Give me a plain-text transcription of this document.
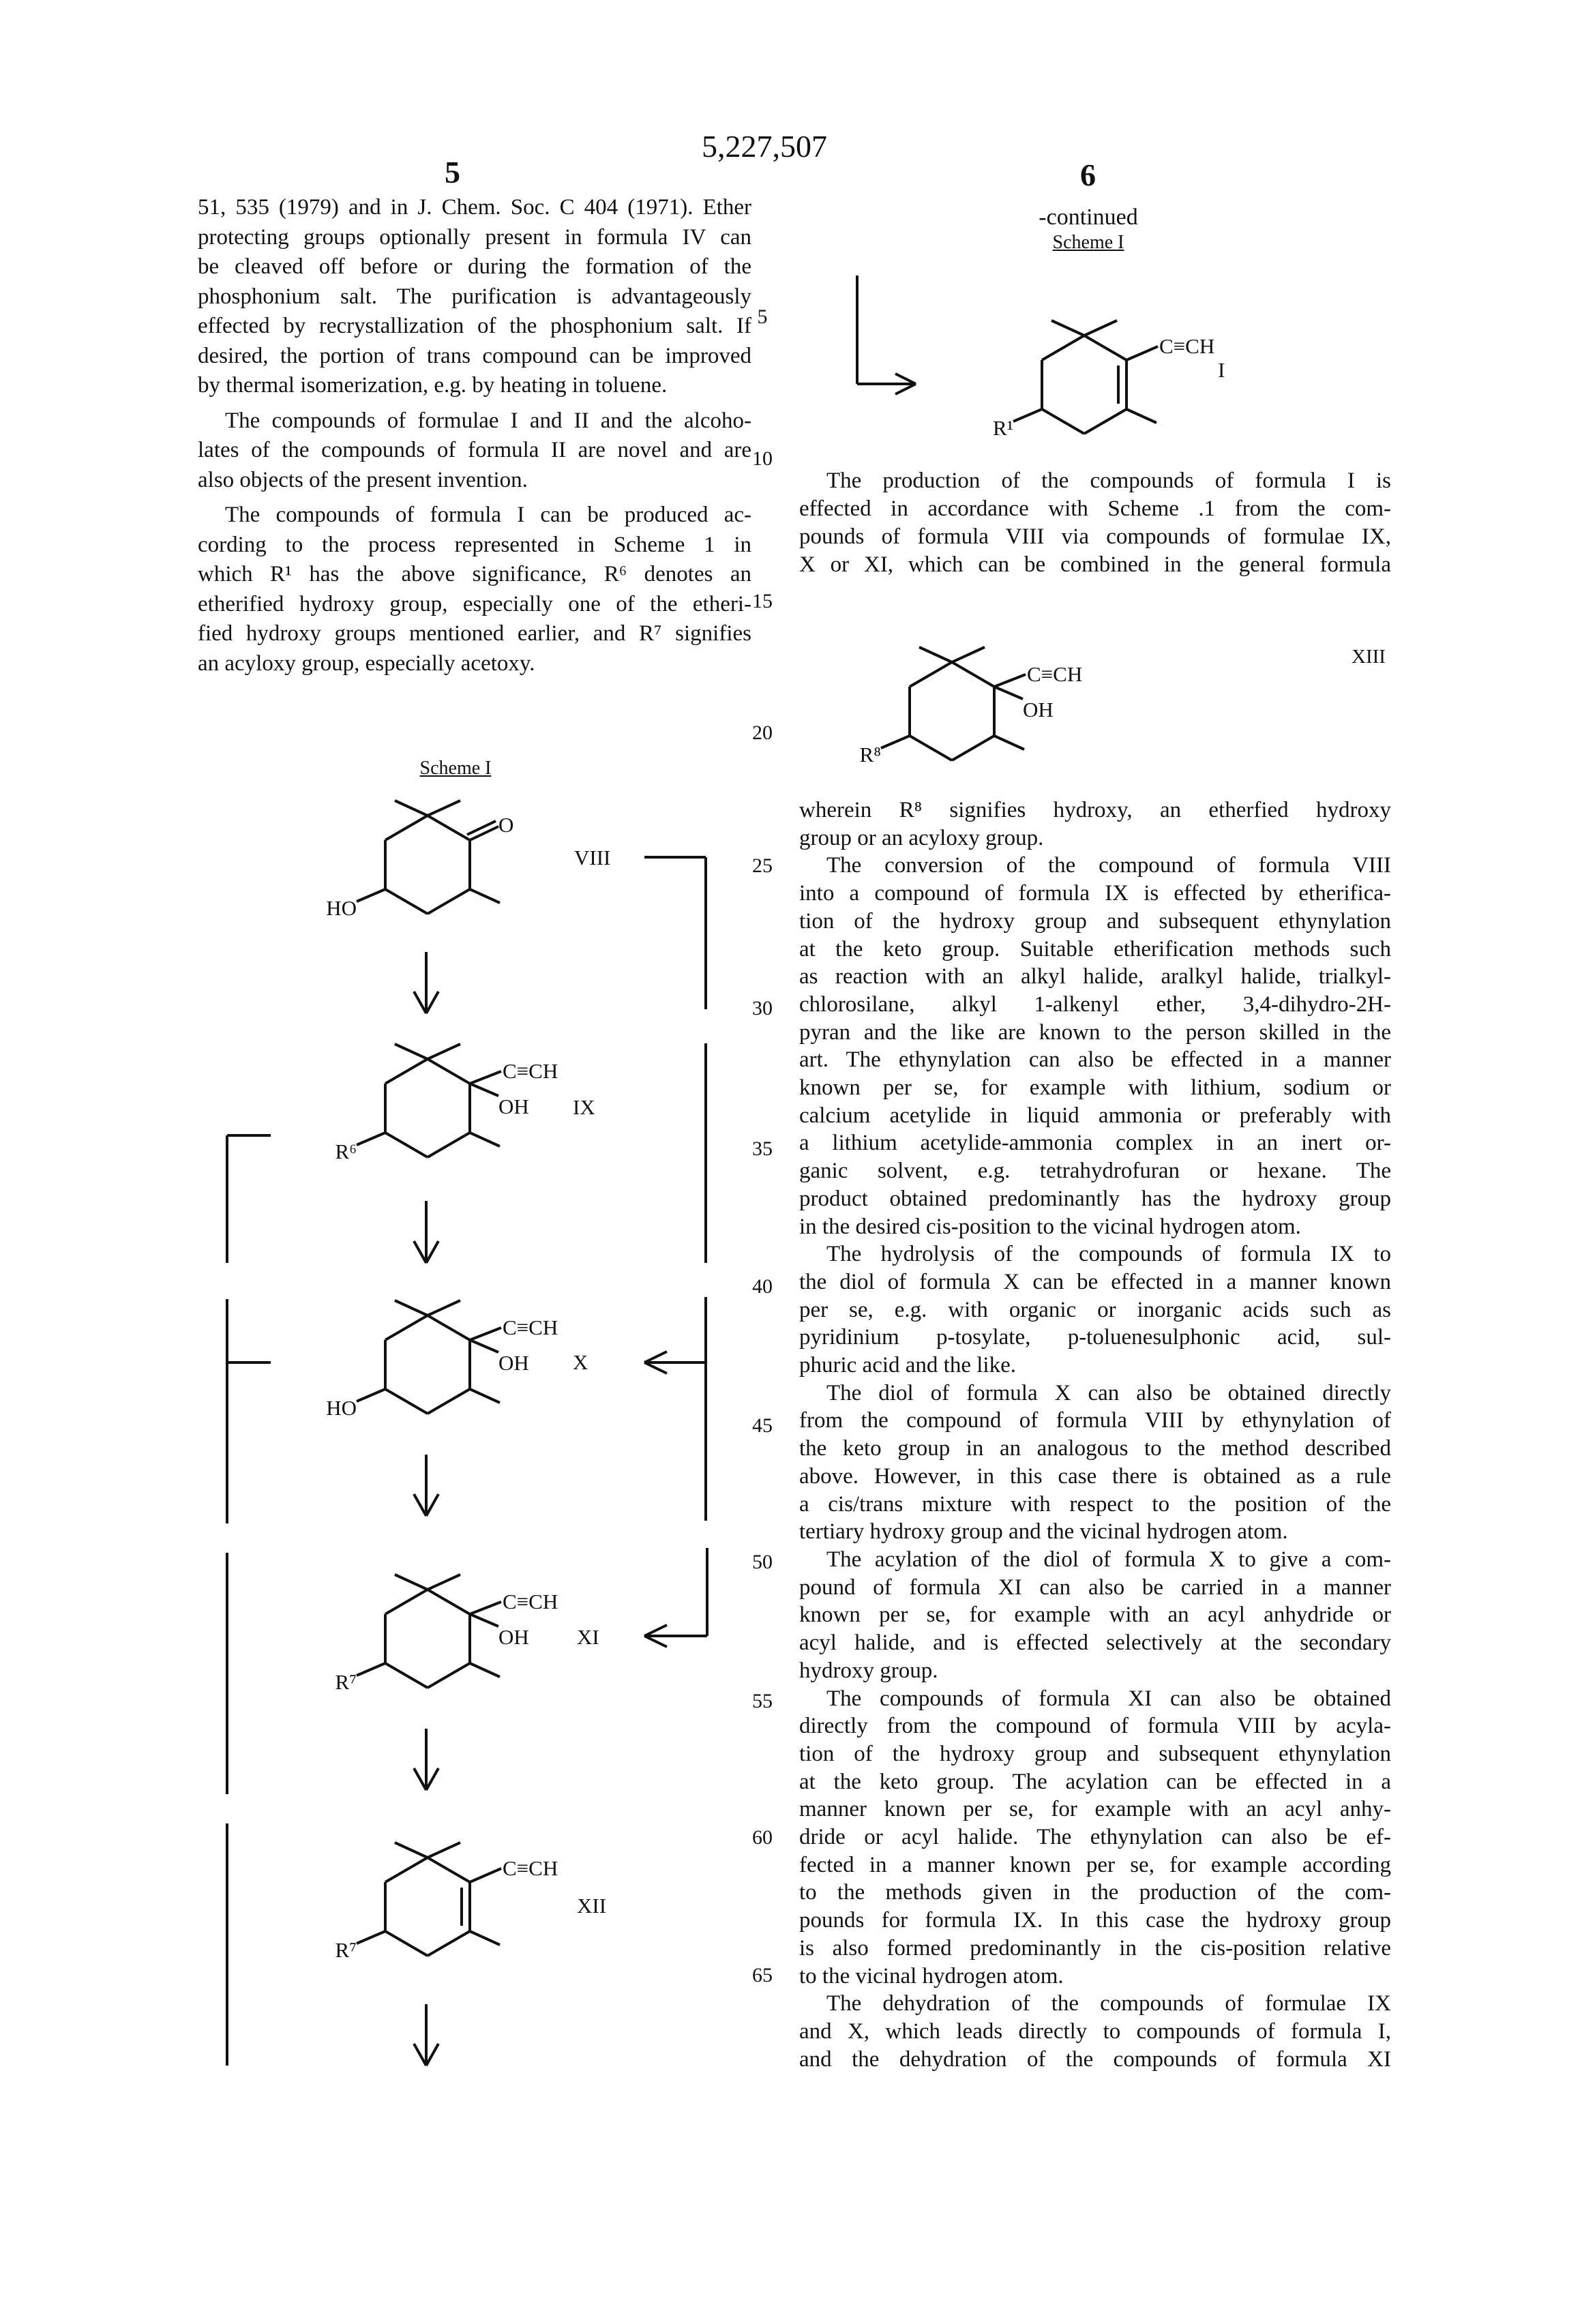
5,227,507
5	6
51, 535 (1979) and in J. Chem. Soc. C 404 (1971). Ether
protecting groups optionally present in formula IV can
be cleaved off before or during the formation of the
phosphonium salt. The purification is advantageously
effected by recrystallization of the phosphonium salt. If
desired, the portion of trans compound can be improved
by thermal isomerization, e.g. by heating in toluene.
The compounds of formulae I and II and the alcoho-
lates of the compounds of formula II are novel and are
also objects of the present invention.
The compounds of formula I can be produced ac-
cording to the process represented in Scheme 1 in
which R¹ has the above significance, R⁶ denotes an
etherified hydroxy group, especially one of the etheri-
fied hydroxy groups mentioned earlier, and R⁷ signifies
an acyloxy group, especially acetoxy.
The production of the compounds of formula I is
effected in accordance with Scheme .1 from the com-
pounds of formula VIII via compounds of formulae IX,
X or XI, which can be combined in the general formula
wherein R⁸ signifies hydroxy, an etherfied hydroxy
group or an acyloxy group.
The conversion of the compound of formula VIII
into a compound of formula IX is effected by etherifica-
tion of the hydroxy group and subsequent ethynylation
at the keto group. Suitable etherification methods such
as reaction with an alkyl halide, aralkyl halide, trialkyl-
chlorosilane, alkyl 1-alkenyl ether, 3,4-dihydro-2H-
pyran and the like are known to the person skilled in the
art. The ethynylation can also be effected in a manner
known per se, for example with lithium, sodium or
calcium acetylide in liquid ammonia or preferably with
a lithium acetylide-ammonia complex in an inert or-
ganic solvent, e.g. tetrahydrofuran or hexane. The
product obtained predominantly has the hydroxy group
in the desired cis-position to the vicinal hydrogen atom.
The hydrolysis of the compounds of formula IX to
the diol of formula X can be effected in a manner known
per se, e.g. with organic or inorganic acids such as
pyridinium p-tosylate, p-toluenesulphonic acid, sul-
phuric acid and the like.
The diol of formula X can also be obtained directly
from the compound of formula VIII by ethynylation of
the keto group in an analogous to the method described
above. However, in this case there is obtained as a rule
a cis/trans mixture with respect to the position of the
tertiary hydroxy group and the vicinal hydrogen atom.
The acylation of the diol of formula X to give a com-
pound of formula XI can also be carried in a manner
known per se, for example with an acyl anhydride or
acyl halide, and is effected selectively at the secondary
hydroxy group.
The compounds of formula XI can also be obtained
directly from the compound of formula VIII by acyla-
tion of the hydroxy group and subsequent ethynylation
at the keto group. The acylation can be effected in a
manner known per se, for example with an acyl anhy-
dride or acyl halide. The ethynylation can also be ef-
fected in a manner known per se, for example according
to the methods given in the production of the com-
pounds for formula IX. In this case the hydroxy group
is also formed predominantly in the cis-position relative
to the vicinal hydrogen atom.
The dehydration of the compounds of formulae IX
and X, which leads directly to compounds of formula I,
and the dehydration of the compounds of formula XI
5
10
15
20
25
30
35
40
45
50
55
60
65
-continued
Scheme I
Scheme I
HO
O
VIII
R⁶
C≡CH
OH IX
HO
C≡CH
OH X
R⁷
C≡CH
OH XI
R⁷
C≡CH
XII
R¹
C≡CH
I
R⁸
C≡CH
OH
XIII
